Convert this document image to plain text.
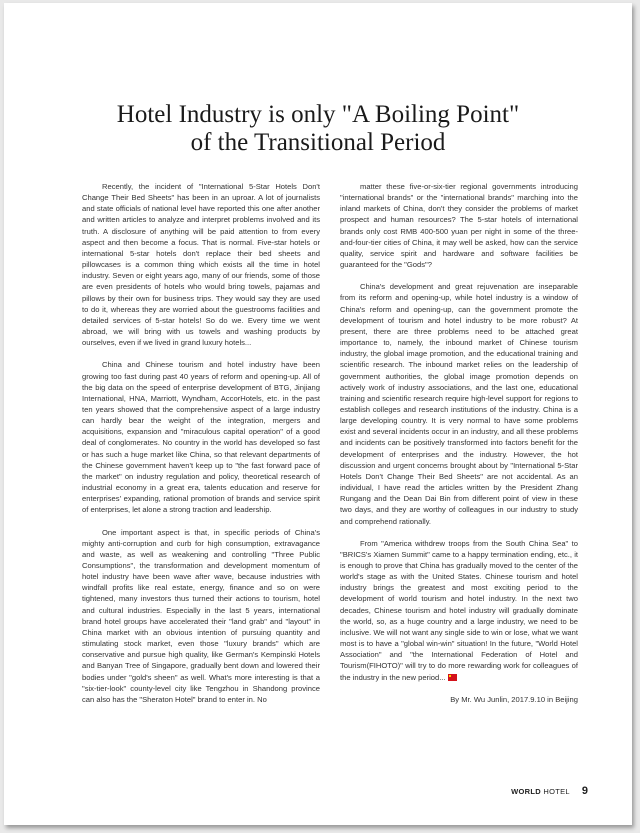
Hotel Industry is only "A Boiling Point"
of the Transitional Period

Recently, the incident of "International 5-Star Hotels Don't Change Their Bed Sheets" has been in an uproar. A lot of journalists and state officials of national level have reported this one after another and written articles to analyze and interpret problems involved and its truth. A disclosure of anything will be paid attention to from every aspect and then become a focus. That is normal. Five-star hotels or international 5-star hotels don't replace their bed sheets and pillowcases is a common thing which exists all the time in hotel industry. Seven or eight years ago, many of our friends, some of those are even presidents of hotels who would bring towels, pajamas and pillows by their own for business trips. They would say they are used to do it, whereas they are worried about the guestrooms facilities and detailed services of 5-star hotels! So do we. Every time we went abroad, we will bring with us towels and washing products by ourselves, even if we lived in grand luxury hotels...

China and Chinese tourism and hotel industry have been growing too fast during past 40 years of reform and opening-up. All of the big data on the speed of enterprise development of BTG, Jinjiang International, HNA, Marriott, Wyndham, AccorHotels, etc. in the past ten years showed that the comprehensive aspect of a large industry can hardly bear the weight of the integration, mergers and acquisitions, expansion and "miraculous capital operation" of a good deal of conglomerates. No country in the world has developed so fast or has such a huge market like China, so that relevant departments of the Chinese government haven't keep up to "the fast forward pace of the market" on industry regulation and policy, theoretical research of industrial economy in a great era, talents education and reserve for enterprises' expanding, rational promotion of brands and service spirit of enterprises, let alone a strong traction and leadership.

One important aspect is that, in specific periods of China's mighty anti-corruption and curb for high consumption, extravagance and waste, as well as weakening and controlling "Three Public Consumptions", the transformation and development momentum of hotel industry have been wave after wave, because industries with windfall profits like real estate, energy, finance and so on were tightened, many investors thus turned their actions to tourism, hotel and cultural industries. Especially in the last 5 years, international brand hotel groups have accelerated their "land grab" and "layout" in China market with an obvious intention of pursuing quantity and stimulating stock market, even those "luxury brands" which are conservative and pursue high quality, like German's Kempinski Hotels and Banyan Tree of Singapore, gradually bent down and lowered their bodies under "gold's sheen" as well. What's more interesting is that a "six-tier-look" county-level city like Tengzhou in Shandong province can also has the "Sheraton Hotel" brand to enter in. No

matter these five-or-six-tier regional governments introducing "international brands" or the "international brands" marching into the inland markets of China, don't they consider the problems of market prospect and human resources? The 5-star hotels of international brands only cost RMB 400-500 yuan per night in some of the three-and-four-tier cities of China, it may well be asked, how can the service quality, service spirit and hardware and software facilities be guaranteed for the "Gods"?

China's development and great rejuvenation are inseparable from its reform and opening-up, while hotel industry is a window of China's reform and opening-up, can the government promote the development of tourism and hotel industry to be more robust? At present, there are three problems need to be attached great importance to, namely, the inbound market of Chinese tourism industry, the global image promotion, and the educational training and scientific research. The inbound market relies on the leadership of government authorities, the global image promotion depends on actively work of industry associations, and the last one, educational training and scientific research require high-level support for regions to establish colleges and research institutions of the industry. China is a large developing country. It is very normal to have some problems exist and several incidents occur in an industry, and all these problems and incidents can be positively transformed into factors benefit for the development of enterprises and the industry. However, the hot discussion and urgent concerns brought about by "International 5-Star Hotels Don't Change Their Bed Sheets" are not accidental. As an individual, I have read the articles written by the President Zhang Rungang and the Dean Dai Bin from different point of view in these two days, and they are worthy of colleagues in our industry to study and comprehend rationally.

From "America withdrew troops from the South China Sea" to "BRICS's Xiamen Summit" came to a happy termination ending, etc., it is enough to prove that China has gradually moved to the center of the world's stage as with the United States. Chinese tourism and hotel industry brings the greatest and most exciting period to the development of world tourism and hotel industry. In the next two decades, Chinese tourism and hotel industry will gradually dominate the world, so, as a huge country and a large industry, we need to be inclusive. We will not want any single side to win or lose, what we want most is to have a "global win-win" situation! In the future, "World Hotel Association" and "the International Federation of Hotel and Tourism(FIHOTO)" will try to do more rewarding work for colleagues of the industry in the new period...

By Mr. Wu Junlin, 2017.9.10 in Beijing

WORLD HOTEL 9
